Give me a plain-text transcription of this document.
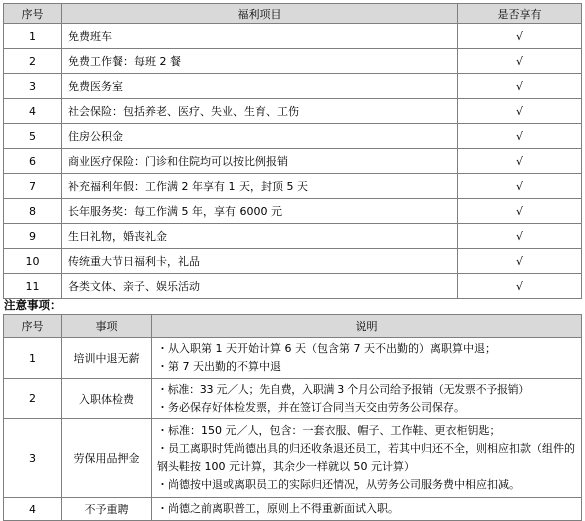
序号	福利项目	是否享有
1	免费班车	√
2	免费工作餐：每班 2 餐	√
3	免费医务室	√
4	社会保险：包括养老、医疗、失业、生育、工伤	√
5	住房公积金	√
6	商业医疗保险：门诊和住院均可以按比例报销	√
7	补充福利年假：工作满 2 年享有 1 天，封顶 5 天	√
8	长年服务奖：每工作满 5 年，享有 6000 元	√
9	生日礼物，婚丧礼金	√
10	传统重大节日福利卡，礼品	√
11	各类文体、亲子、娱乐活动	√
注意事项：
序号	事项	说明
1	培训中退无薪	・从入职第 1 天开始计算 6 天（包含第 7 天不出勤的）离职算中退；
・第 7 天出勤的不算中退

2	入职体检费	・标准：33 元／人；先自费，入职满 3 个月公司给予报销（无发票不予报销）
・务必保存好体检发票，并在签订合同当天交由劳务公司保存。

3	劳保用品押金	・标准：150 元／人，包含：一套衣服、帽子、工作鞋、更衣柜钥匙；
・员工离职时凭尚德出具的归还收条退还员工，若其中归还不全，则相应扣款（组件的钢头鞋按 100 元计算，其余少一样就以 50 元计算）
・尚德按中退或离职员工的实际归还情况，从劳务公司服务费中相应扣减。

4	不予重聘	・尚德之前离职普工，原则上不得重新面试入职。
